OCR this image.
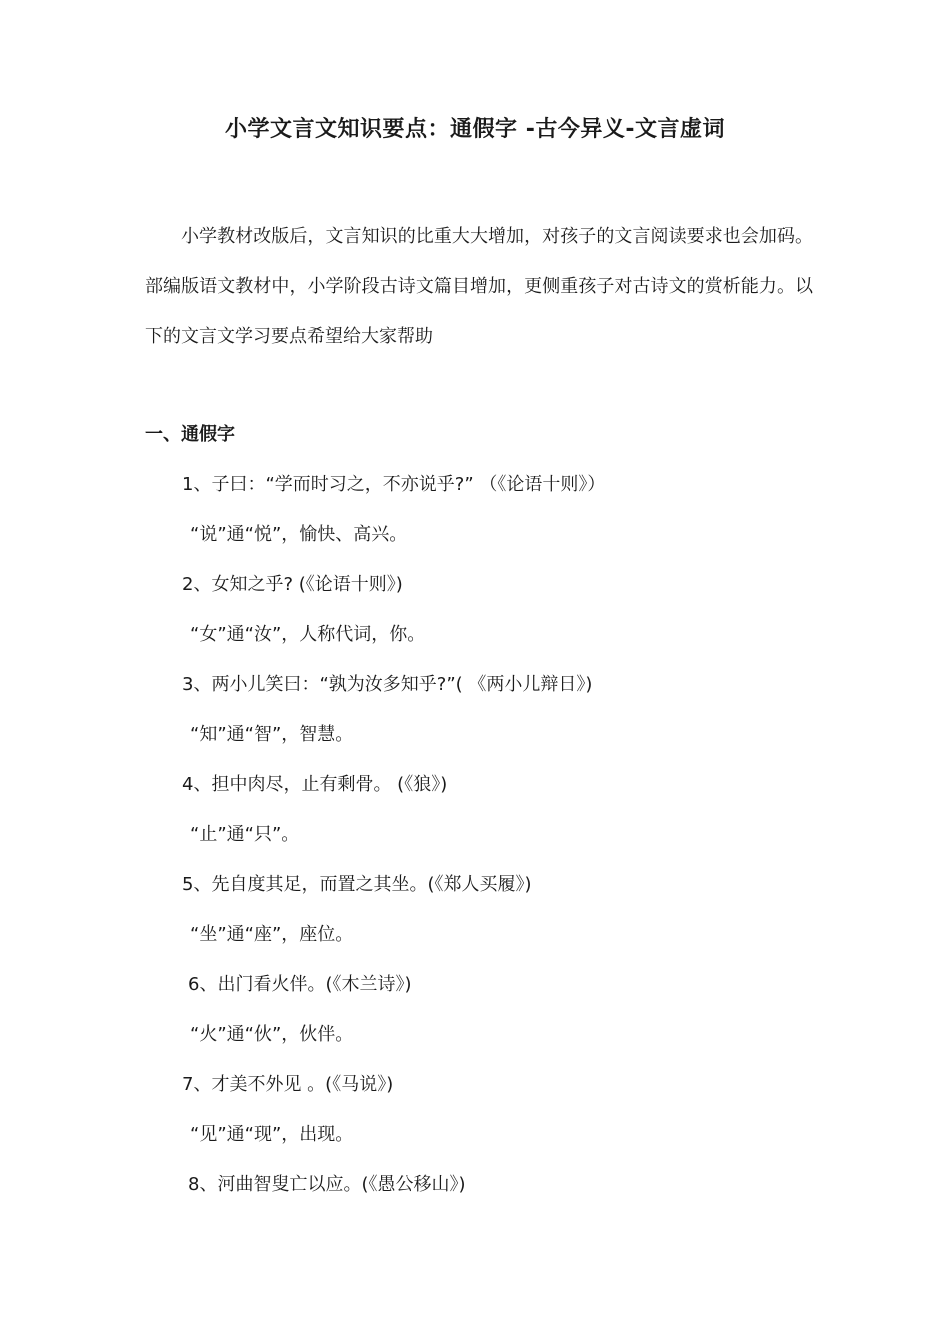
小学文言文知识要点：通假字 -古今异义-文言虚词
小学教材改版后，文言知识的比重大大增加，对孩子的文言阅读要求也会加码。部编版语文教材中，小学阶段古诗文篇目增加，更侧重孩子对古诗文的赏析能力。以下的文言文学习要点希望给大家帮助
一、通假字
1、子曰：“学而时习之，不亦说乎?” （《论语十则》）
“说”通“悦”，愉快、高兴。
2、女知之乎? (《论语十则》)
“女”通“汝”，人称代词，你。
3、两小儿笑曰：“孰为汝多知乎?”( 《两小儿辩日》)
“知”通“智”，智慧。
4、担中肉尽，止有剩骨。 (《狼》)
“止”通“只”。
5、先自度其足，而置之其坐。(《郑人买履》)
“坐”通“座”，座位。
6、出门看火伴。(《木兰诗》)
“火”通“伙”，伙伴。
7、才美不外见 。(《马说》)
“见”通“现”，出现。
8、河曲智叟亡以应。(《愚公移山》)
